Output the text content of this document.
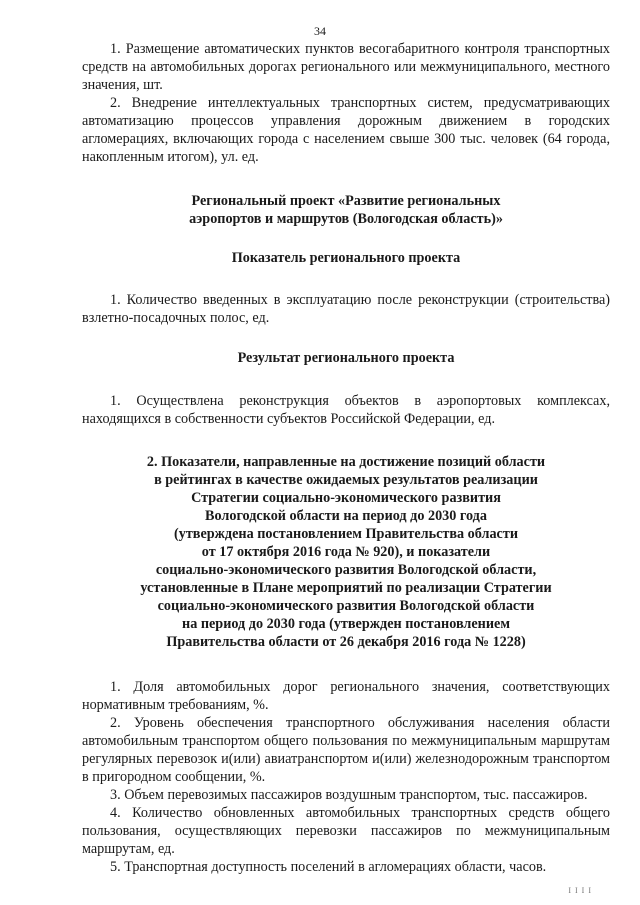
34

1. Размещение автоматических пунктов весогабаритного контроля транспортных средств на автомобильных дорогах регионального или межмуниципального, местного значения, шт.

2. Внедрение интеллектуальных транспортных систем, предусматривающих автоматизацию процессов управления дорожным движением в городских агломерациях, включающих города с населением свыше 300 тыс. человек (64 города, накопленным итогом), ул. ед.

Региональный проект «Развитие региональных
аэропортов и маршрутов (Вологодская область)»
Показатель регионального проекта

1. Количество введенных в эксплуатацию после реконструкции (строительства) взлетно-посадочных полос, ед.

Результат регионального проекта

1. Осуществлена реконструкция объектов в аэропортовых комплексах, находящихся в собственности субъектов Российской Федерации, ед.

2. Показатели, направленные на достижение позиций области
в рейтингах в качестве ожидаемых результатов реализации
Стратегии социально-экономического развития
Вологодской области на период до 2030 года
(утверждена постановлением Правительства области
от 17 октября 2016 года № 920), и показатели
социально-экономического развития Вологодской области,
установленные в Плане мероприятий по реализации Стратегии
социально-экономического развития Вологодской области
на период до 2030 года (утвержден постановлением
Правительства области от 26 декабря 2016 года № 1228)

1. Доля автомобильных дорог регионального значения, соответствующих нормативным требованиям, %.

2. Уровень обеспечения транспортного обслуживания населения области автомобильным транспортом общего пользования по межмуниципальным маршрутам регулярных перевозок и(или) авиатранспортом и(или) железнодорожным транспортом в пригородном сообщении, %.

3. Объем перевозимых пассажиров воздушным транспортом, тыс. пассажиров.

4. Количество обновленных автомобильных транспортных средств общего пользования, осуществляющих перевозки пассажиров по межмуниципальным маршрутам, ед.

5. Транспортная доступность поселений в агломерациях области, часов.

I I I I
